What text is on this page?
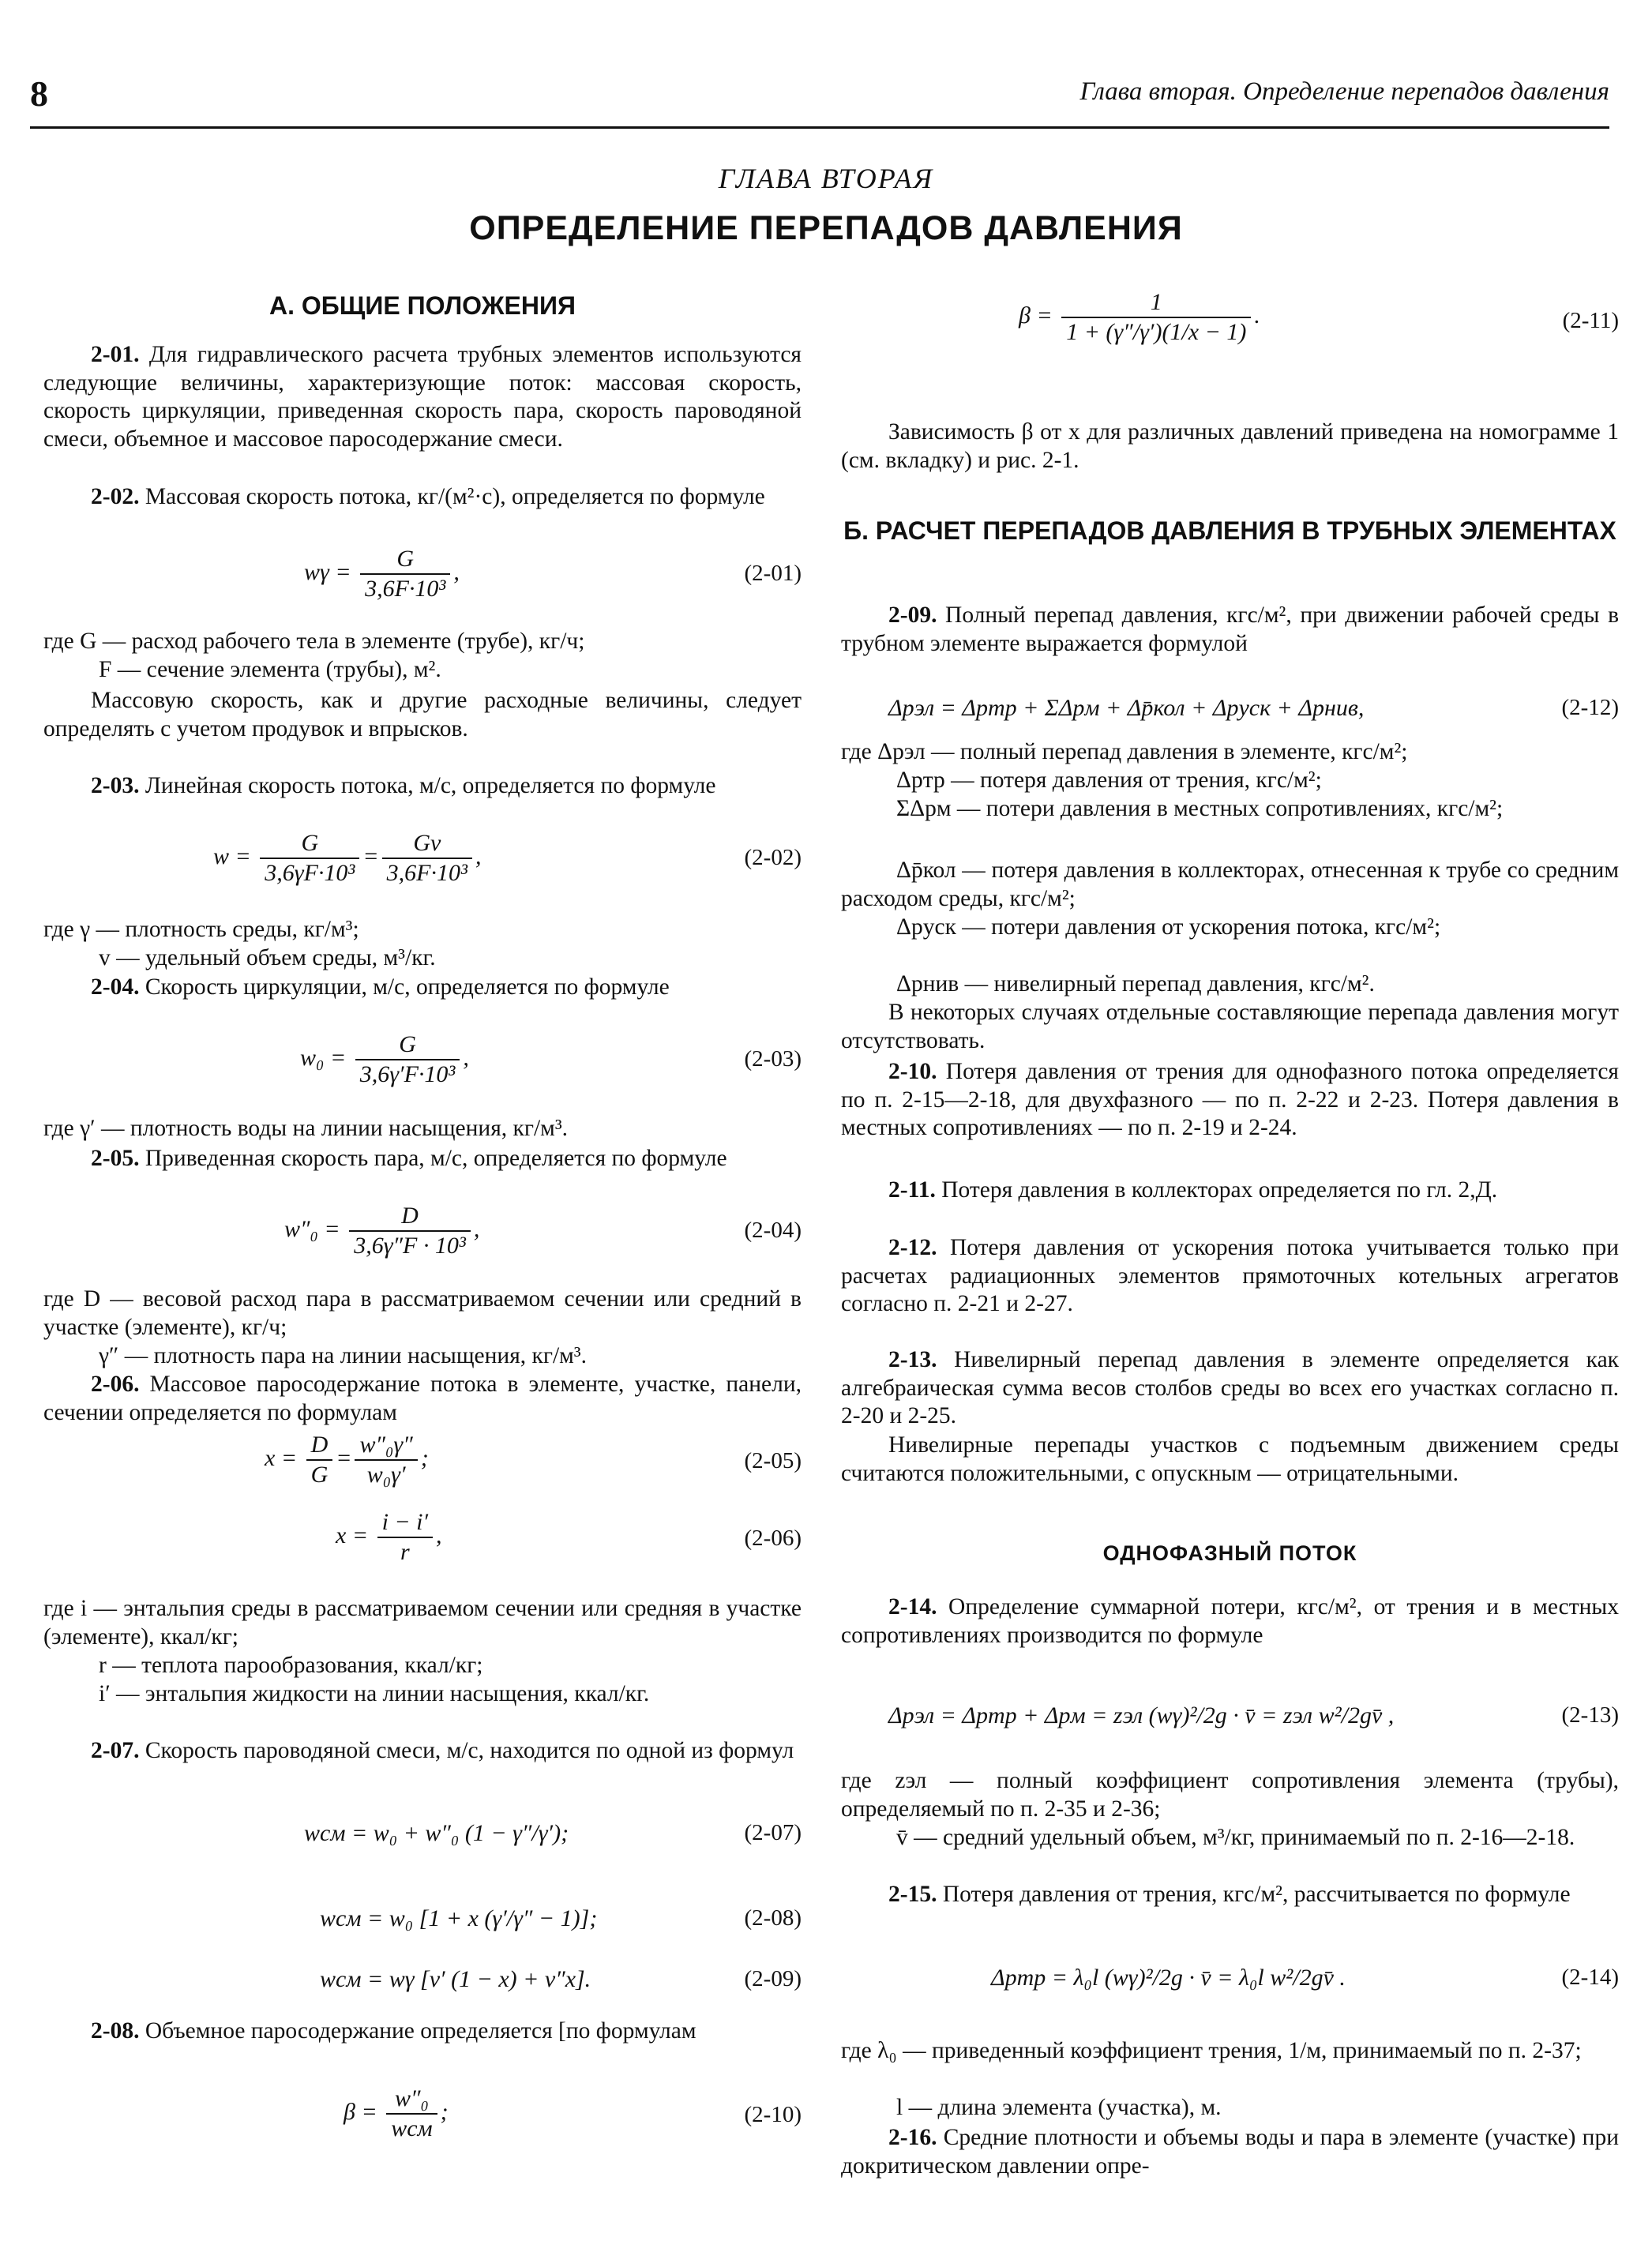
8	Глава вторая. Определение перепадов давления
ГЛАВА ВТОРАЯ
ОПРЕДЕЛЕНИЕ ПЕРЕПАДОВ ДАВЛЕНИЯ
А. ОБЩИЕ ПОЛОЖЕНИЯ
2-01. Для гидравлического расчета трубных элементов используются следующие величины, характеризующие поток: массовая скорость, скорость циркуляции, приведенная скорость пара, скорость пароводяной смеси, объемное и массовое паросодержание смеси.
2-02. Массовая скорость потока, кг/(м²·с), определяется по формуле
$w\gamma = \frac{G}{\text{3,6F·10³}}$ ,	(2-01)
где G — расход рабочего тела в элементе (трубе), кг/ч;
F — сечение элемента (трубы), м².
Массовую скорость, как и другие расходные величины, следует определять с учетом продувок и впрысков.
2-03. Линейная скорость потока, м/с, определяется по формуле
$w = \frac{G}{\text{3,6γF·10³}} = \frac{Gv}{\text{3,6F·10³}}$ ,	(2-02)
где γ — плотность среды, кг/м³;
v — удельный объем среды, м³/кг.
2-04. Скорость циркуляции, м/с, определяется по формуле
$w_0 = \frac{G}{\text{3,6γ′F·10³}}$ ,	(2-03)
где γ′ — плотность воды на линии насыщения, кг/м³.
2-05. Приведенная скорость пара, м/с, определяется по формуле
$w''_0 = \frac{D}{\text{3,6γ″F · 10³}}$ ,	(2-04)
где D — весовой расход пара в рассматриваемом сечении или средний в участке (элементе), кг/ч;
γ″ — плотность пара на линии насыщения, кг/м³.
2-06. Массовое паросодержание потока в элементе, участке, панели, сечении определяется по формулам
$x = \frac{D}{G} = \frac{\text{w″₀γ″}}{\text{w₀γ′}}$ ;	(2-05)
$x = \frac{i - i'}{r}$ ,	(2-06)
где i — энтальпия среды в рассматриваемом сечении или средняя в участке (элементе), ккал/кг;
r — теплота парообразования, ккал/кг;
i′ — энтальпия жидкости на линии насыщения, ккал/кг.
2-07. Скорость пароводяной смеси, м/с, находится по одной из формул
wсм = w₀ + w″₀ (1 − γ″/γ′);	(2-07)
wсм = w₀ [1 + x (γ′/γ″ − 1)];	(2-08)
wсм = wγ [v′ (1 − x) + v″x].	(2-09)
2-08. Объемное паросодержание определяется [по формулам
$\beta = \frac{\text{w″₀}}{\text{wсм}}$ ;	(2-10)
$\beta = \frac{1}{1 + (\gamma''/\gamma')(1/x - 1)}$ .	(2-11)
Зависимость β от x для различных давлений приведена на номограмме 1 (см. вкладку) и рис. 2-1.
Б. РАСЧЕТ ПЕРЕПАДОВ ДАВЛЕНИЯ В ТРУБНЫХ ЭЛЕМЕНТАХ
2-09. Полный перепад давления, кгс/м², при движении рабочей среды в трубном элементе выражается формулой
Δpэл = Δpтр + ΣΔpм + Δp̄кол + Δpуск + Δpнив,	(2-12)
где Δpэл — полный перепад давления в элементе, кгс/м²;
Δpтр — потеря давления от трения, кгс/м²;
ΣΔpм — потери давления в местных сопротивлениях, кгс/м²;
Δp̄кол — потеря давления в коллекторах, отнесенная к трубе со средним расходом среды, кгс/м²;
Δpуск — потери давления от ускорения потока, кгс/м²;
Δpнив — нивелирный перепад давления, кгс/м².
В некоторых случаях отдельные составляющие перепада давления могут отсутствовать.
2-10. Потеря давления от трения для однофазного потока определяется по п. 2-15—2-18, для двухфазного — по п. 2-22 и 2-23. Потеря давления в местных сопротивлениях — по п. 2-19 и 2-24.
2-11. Потеря давления в коллекторах определяется по гл. 2,Д.
2-12. Потеря давления от ускорения потока учитывается только при расчетах радиационных элементов прямоточных котельных агрегатов согласно п. 2-21 и 2-27.
2-13. Нивелирный перепад давления в элементе определяется как алгебраическая сумма весов столбов среды во всех его участках согласно п. 2-20 и 2-25.
Нивелирные перепады участков с подъемным движением среды считаются положительными, с опускным — отрицательными.
ОДНОФАЗНЫЙ ПОТОК
2-14. Определение суммарной потери, кгс/м², от трения и в местных сопротивлениях производится по формуле
Δpэл = Δpтр + Δpм = zэл (wγ)²/2g · v̄ = zэл w²/2gv̄ ,	(2-13)
где zэл — полный коэффициент сопротивления элемента (трубы), определяемый по п. 2-35 и 2-36;
v̄ — средний удельный объем, м³/кг, принимаемый по п. 2-16—2-18.
2-15. Потеря давления от трения, кгс/м², рассчитывается по формуле
Δpтр = λ₀l (wγ)²/2g · v̄ = λ₀l w²/2gv̄ .	(2-14)
где λ₀ — приведенный коэффициент трения, 1/м, принимаемый по п. 2-37;
l — длина элемента (участка), м.
2-16. Средние плотности и объемы воды и пара в элементе (участке) при докритическом давлении опре-
